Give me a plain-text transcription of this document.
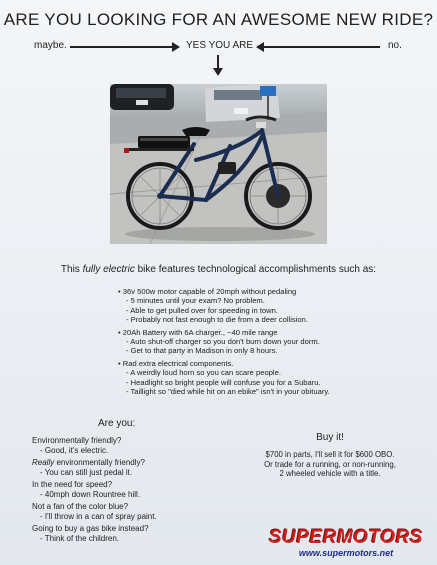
ARE YOU LOOKING FOR AN AWESOME NEW RIDE?
maybe.	YES YOU ARE	no.
This fully electric bike features technological accomplishments such as:
• 36v 500w motor capable of 20mph without pedaling
- 5 minutes until your exam? No problem.
- Able to get pulled over for speeding in town.
- Probably not fast enough to die from a deer collision.
• 20Ah Battery with 6A charger., ~40 mile range
- Auto shut-off charger so you don't burn down your dorm.
- Get to that party in Madison in only 8 hours.
• Rad extra electrical components.
- A weirdly loud horn so you can scare people.
- Headlight so bright people will confuse you for a Subaru.
- Taillight so "died while hit on an ebike" isn't in your obituary.
Are you:
Environmentally friendly?
- Good, it's electric.
Really environmentally friendly?
- You can still just pedal it.
In the need for speed?
- 40mph down Rountree hill.
Not a fan of the color blue?
- I'll throw in a can of spray paint.
Going to buy a gas bike instead?
- Think of the children.
Buy it!
$700 in parts, I'll sell it for $600 OBO.
Or trade for a running, or non-running,
2 wheeled vehicle with a title.
SUPERMOTORS
www.supermotors.net
